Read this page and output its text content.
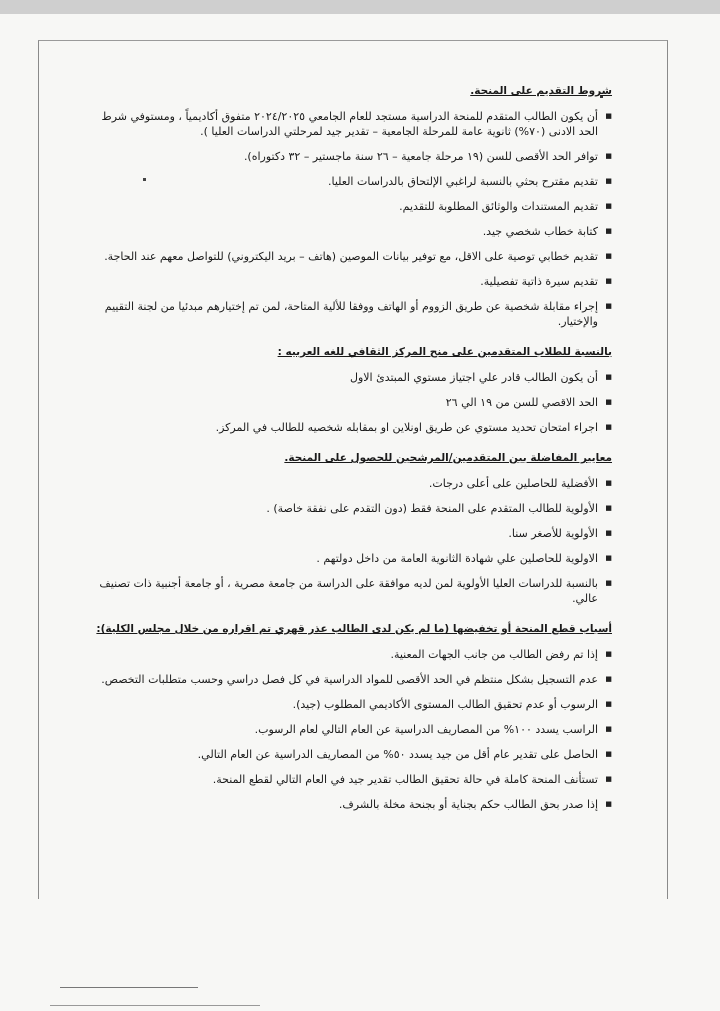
شروط التقديم على المنحة.
■ أن يكون الطالب المتقدم للمنحة الدراسية مستجد للعام الجامعي ٢٠٢٤/٢٠٢٥ متفوق أكاديمياً ، ومستوفي شرط الحد الادنى (٧٠%) ثانوية عامة للمرحلة الجامعية – تقدير جيد لمرحلتي الدراسات العليا ).
■ توافر الحد الأقصى للسن (١٩ مرحلة جامعية – ٢٦ سنة ماجستير – ٣٢ دكتوراه).
■ تقديم مقترح بحثي بالنسبة لراغبي الإلتحاق بالدراسات العليا.
■ تقديم المستندات والوثائق المطلوبة للتقديم.
■ كتابة خطاب شخصي جيد.
■ تقديم خطابي توصية على الاقل، مع توفير بيانات الموصين (هاتف – بريد اليكتروني) للتواصل معهم عند الحاجة.
■ تقديم سيرة ذاتية تفصيلية.
■ إجراء مقابلة شخصية عن طريق الزووم أو الهاتف ووفقا للألية المتاحة، لمن تم إختيارهم مبدئيا من لجنة التقييم والإختيار.
بالنسبة للطلاب المتقدمين على منح المركز الثقافي للغه العربيه :
■ أن يكون الطالب قادر علي اجتياز مستوي المبتدئ الاول
■ الحد الاقصي للسن من ١٩ الي ٢٦
■ اجراء امتحان تحديد مستوي عن طريق اونلاين او بمقابله شخصيه للطالب في المركز.
معايير المفاضلة بين المتقدمين/المرشحين للحصول على المنحة.
■ الأفضلية للحاصلين على أعلى درجات.
■ الأولوية للطالب المتقدم على المنحة فقط (دون التقدم على نفقة خاصة) .
■ الأولوية للأصغر سنا.
■ الاولوية للحاصلين علي شهادة الثانوية العامة من داخل دولتهم .
■ بالنسبة للدراسات العليا الأولوية لمن لديه موافقة على الدراسة من جامعة مصرية ، أو جامعة أجنبية ذات تصنيف عالي.
أسباب قطع المنحة أو تخفيضها (ما لم يكن لدى الطالب عذر قهري تم اقراره من خلال مجلس الكلية):
■ إذا تم رفض الطالب من جانب الجهات المعنية.
■ عدم التسجيل بشكل منتظم في الحد الأقصى للمواد الدراسية في كل فصل دراسي وحسب متطلبات التخصص.
■ الرسوب أو عدم تحقيق الطالب المستوى الأكاديمي المطلوب (جيد).
■ الراسب يسدد ١٠٠% من المصاريف الدراسية عن العام التالي لعام الرسوب.
■ الحاصل على تقدير عام أقل من جيد يسدد ٥٠% من المصاريف الدراسية عن العام التالي.
■ تستأنف المنحة كاملة في حالة تحقيق الطالب تقدير جيد في العام التالي لقطع المنحة.
■ إذا صدر بحق الطالب حكم بجناية أو بجنحة مخلة بالشرف.
